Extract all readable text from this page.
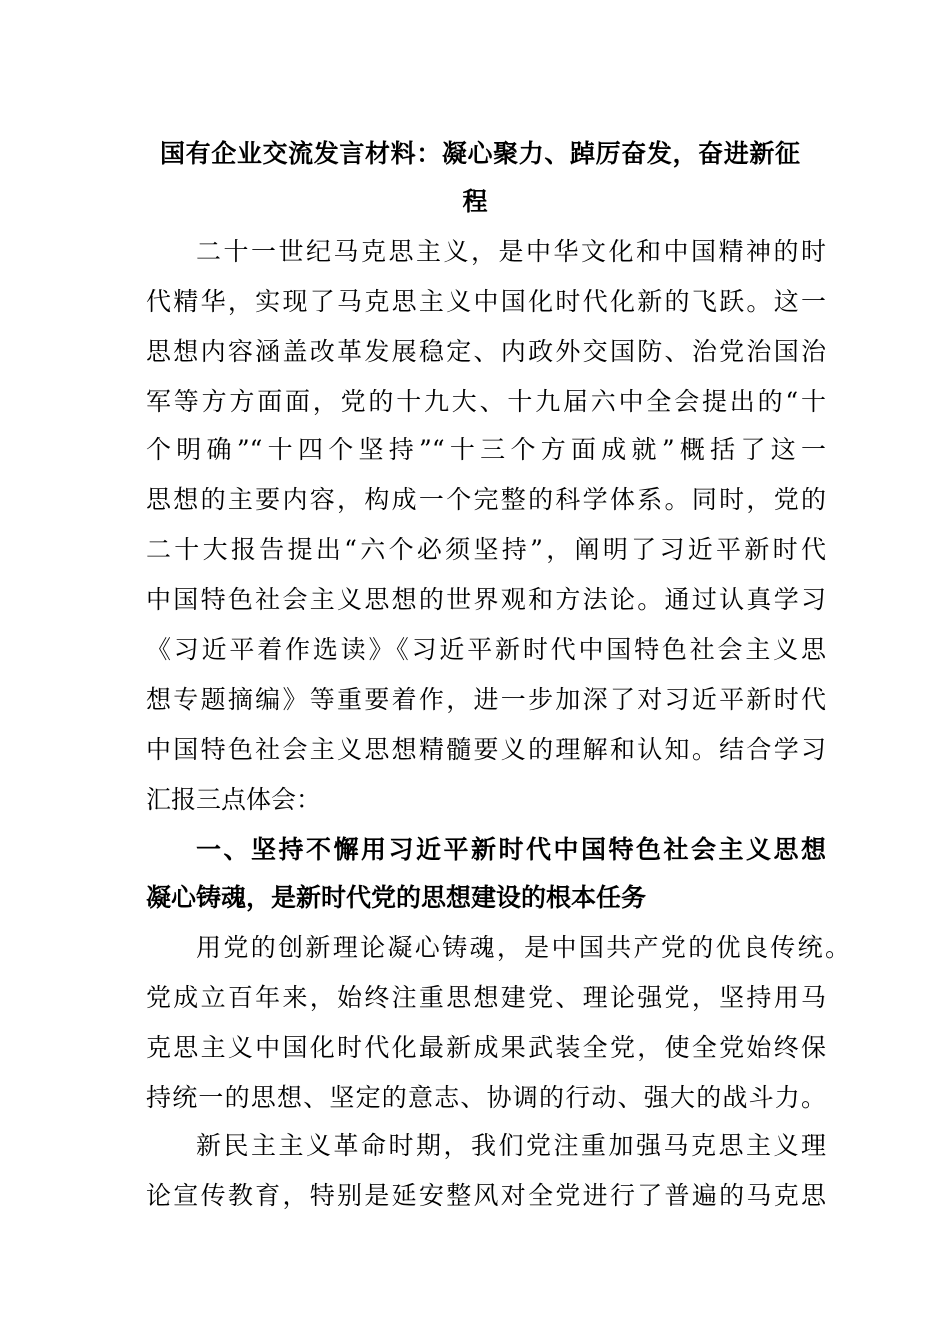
国有企业交流发言材料：凝心聚力、踔厉奋发，奋进新征
程
二十一世纪马克思主义，是中华文化和中国精神的时
代精华，实现了马克思主义中国化时代化新的飞跃。这一
思想内容涵盖改革发展稳定、内政外交国防、治党治国治
军等方方面面，党的十九大、十九届六中全会提出的“十
个明确”“十四个坚持”“十三个方面成就”概括了这一
思想的主要内容，构成一个完整的科学体系。同时，党的
二十大报告提出“六个必须坚持”，阐明了习近平新时代
中国特色社会主义思想的世界观和方法论。通过认真学习
《习近平着作选读》《习近平新时代中国特色社会主义思
想专题摘编》等重要着作，进一步加深了对习近平新时代
中国特色社会主义思想精髓要义的理解和认知。结合学习
汇报三点体会：
一、坚持不懈用习近平新时代中国特色社会主义思想
凝心铸魂，是新时代党的思想建设的根本任务
用党的创新理论凝心铸魂，是中国共产党的优良传统。
党成立百年来，始终注重思想建党、理论强党，坚持用马
克思主义中国化时代化最新成果武装全党，使全党始终保
持统一的思想、坚定的意志、协调的行动、强大的战斗力。
新民主主义革命时期，我们党注重加强马克思主义理
论宣传教育，特别是延安整风对全党进行了普遍的马克思
